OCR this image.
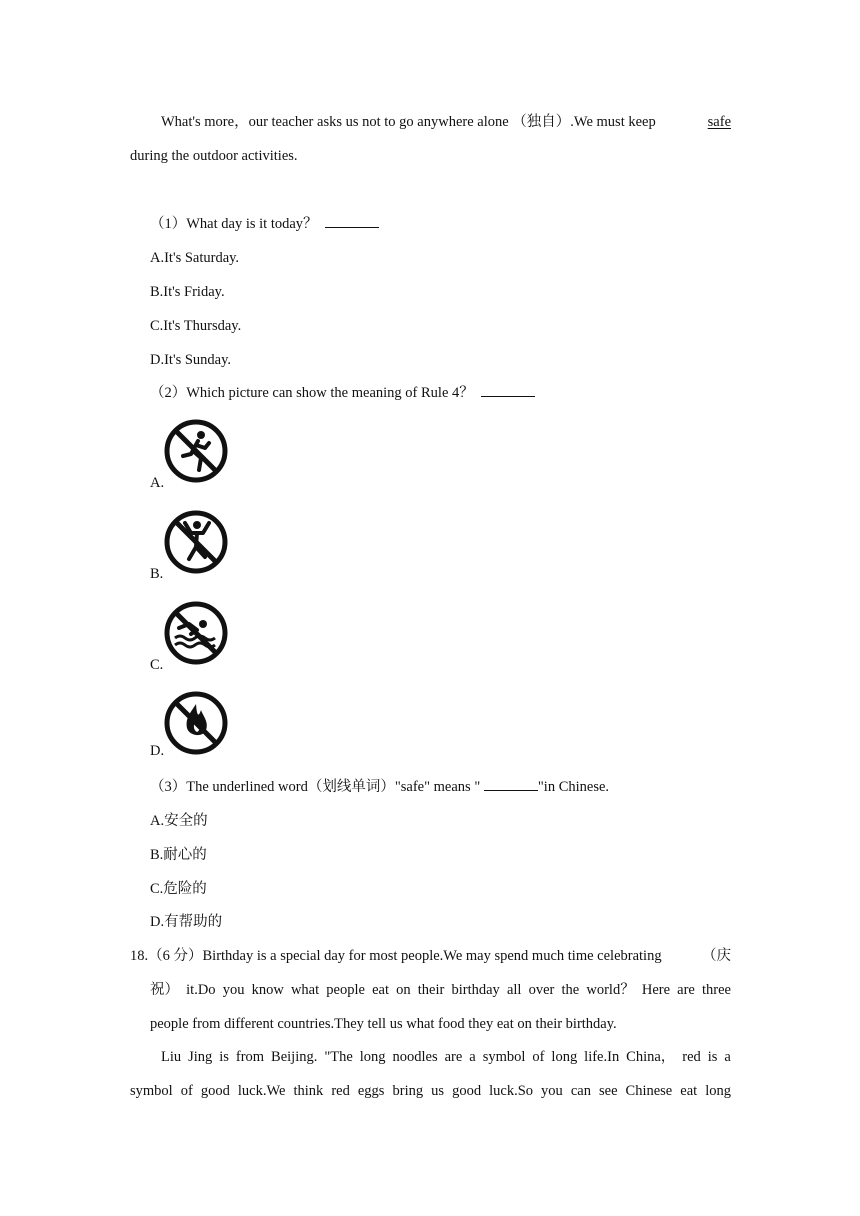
What's more，our teacher asks us not to go anywhere alone （独自）.We must keep	safe
during the outdoor activities.
（1）What day is it today？
A.It's Saturday.
B.It's Friday.
C.It's Thursday.
D.It's Sunday.
（2）Which picture can show the meaning of Rule 4？
A.
B.
C.
D.
（3）The underlined word（划线单词）"safe" means "	"in Chinese.
A.安全的
B.耐心的
C.危险的
D.有帮助的
18.（6 分）Birthday is a special day for most people.We may spend much time celebrating	（庆
祝） it.Do you know what people eat on their birthday all over the world？ Here are three
people from different countries.They tell us what food they eat on their birthday.
Liu Jing is from Beijing. "The long noodles are a symbol of long life.In China， red is a
symbol of good luck.We think red eggs bring us good luck.So you can see Chinese eat long
